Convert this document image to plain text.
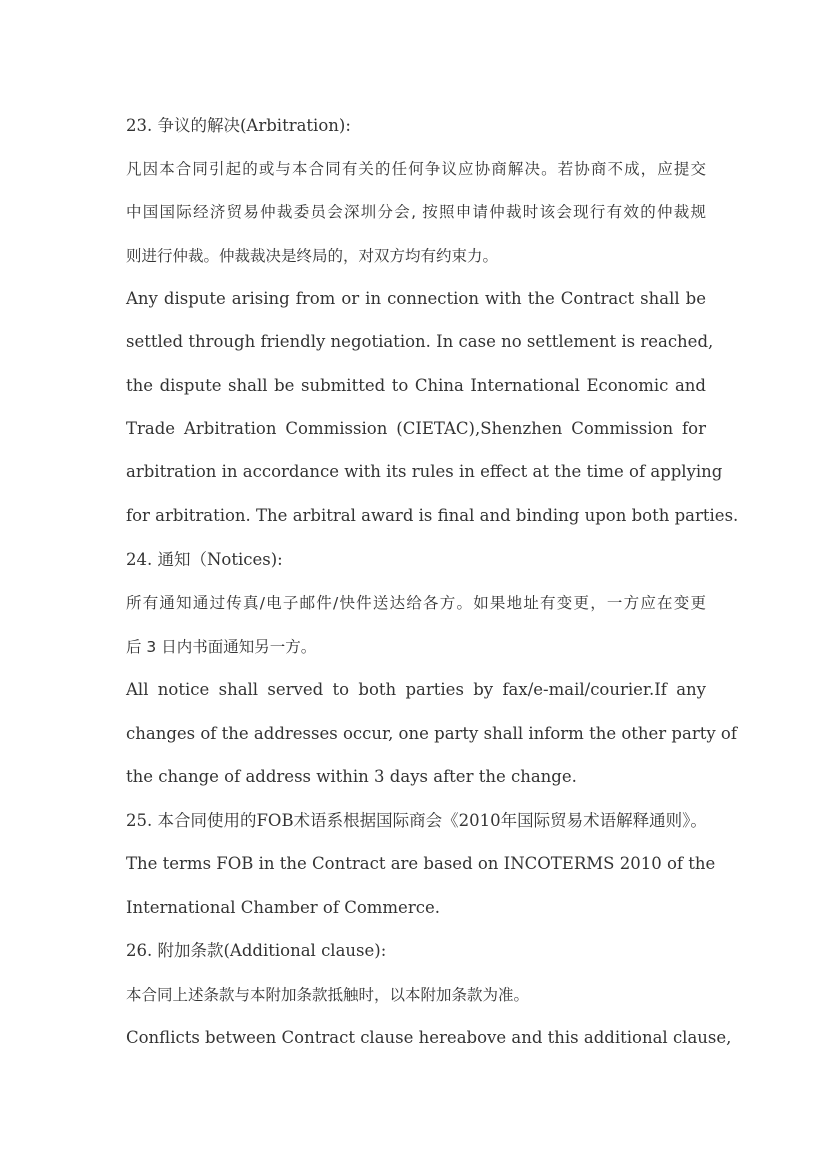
23. 争议的解决(Arbitration):
凡因本合同引起的或与本合同有关的任何争议应协商解决。若协商不成，应提交
中国国际经济贸易仲裁委员会深圳分会, 按照申请仲裁时该会现行有效的仲裁规
则进行仲裁。仲裁裁决是终局的，对双方均有约束力。
Any dispute arising from or in connection with the Contract shall be
settled through friendly negotiation. In case no settlement is reached,
the dispute shall be submitted to China International Economic and
Trade Arbitration Commission (CIETAC),Shenzhen Commission for
arbitration in accordance with its rules in effect at the time of applying
for arbitration. The arbitral award is final and binding upon both parties.
24. 通知（Notices):
所有通知通过传真/电子邮件/快件送达给各方。如果地址有变更，一方应在变更
后 3 日内书面通知另一方。
All notice shall served to both parties by fax/e-mail/courier.If any
changes of the addresses occur, one party shall inform the other party of
the change of address within 3 days after the change.
25. 本合同使用的FOB术语系根据国际商会《2010年国际贸易术语解释通则》。
The terms FOB in the Contract are based on INCOTERMS 2010 of the
International Chamber of Commerce.
26. 附加条款(Additional clause):
本合同上述条款与本附加条款抵触时，以本附加条款为准。
Conflicts between Contract clause hereabove and this additional clause,
